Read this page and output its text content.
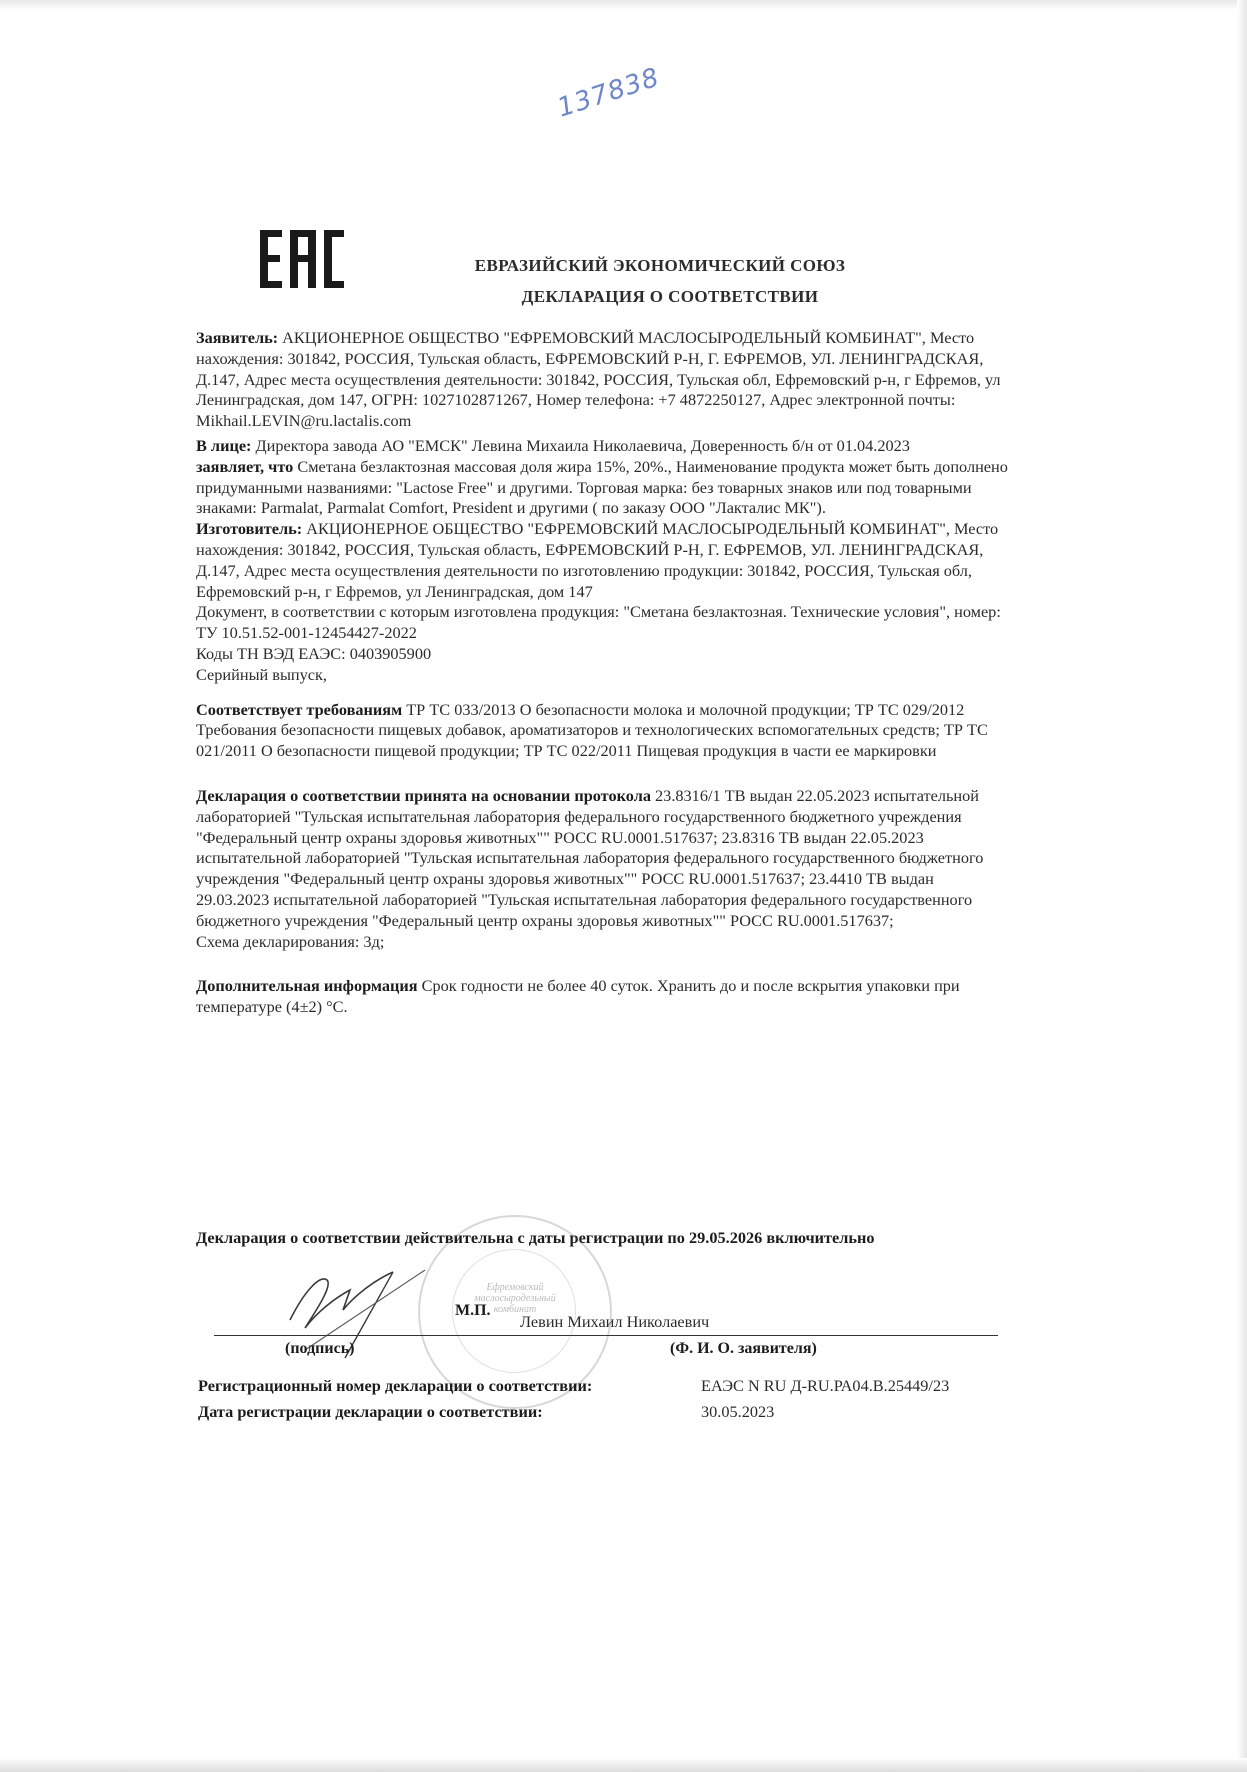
137838
ЕВРАЗИЙСКИЙ ЭКОНОМИЧЕСКИЙ СОЮЗ
ДЕКЛАРАЦИЯ О СООТВЕТСТВИИ

Заявитель: АКЦИОНЕРНОЕ ОБЩЕСТВО "ЕФРЕМОВСКИЙ МАСЛОСЫРОДЕЛЬНЫЙ КОМБИНАТ", Место нахождения: 301842, РОССИЯ, Тульская область, ЕФРЕМОВСКИЙ Р-Н, Г. ЕФРЕМОВ, УЛ. ЛЕНИНГРАДСКАЯ, Д.147, Адрес места осуществления деятельности: 301842, РОССИЯ, Тульская обл, Ефремовский р-н, г Ефремов, ул Ленинградская, дом 147, ОГРН: 1027102871267, Номер телефона: +7 4872250127, Адрес электронной почты: Mikhail.LEVIN@ru.lactalis.com

В лице: Директора завода АО "ЕМСК" Левина Михаила Николаевича, Доверенность б/н от 01.04.2023

заявляет, что Сметана безлактозная массовая доля жира 15%, 20%., Наименование продукта может быть дополнено придуманными названиями: "Lactose Free" и другими. Торговая марка: без товарных знаков или под товарными знаками: Parmalat, Parmalat Comfort, President и другими ( по заказу ООО "Лакталис МК").

Изготовитель: АКЦИОНЕРНОЕ ОБЩЕСТВО "ЕФРЕМОВСКИЙ МАСЛОСЫРОДЕЛЬНЫЙ КОМБИНАТ", Место нахождения: 301842, РОССИЯ, Тульская область, ЕФРЕМОВСКИЙ Р-Н, Г. ЕФРЕМОВ, УЛ. ЛЕНИНГРАДСКАЯ, Д.147, Адрес места осуществления деятельности по изготовлению продукции: 301842, РОССИЯ, Тульская обл, Ефремовский р-н, г Ефремов, ул Ленинградская, дом 147

Документ, в соответствии с которым изготовлена продукция: "Сметана безлактозная. Технические условия", номер: ТУ 10.51.52-001-12454427-2022

Коды ТН ВЭД ЕАЭС: 0403905900

Серийный выпуск,

Соответствует требованиям ТР ТС 033/2013 О безопасности молока и молочной продукции; ТР ТС 029/2012 Требования безопасности пищевых добавок, ароматизаторов и технологических вспомогательных средств; ТР ТС 021/2011 О безопасности пищевой продукции; ТР ТС 022/2011 Пищевая продукция в части ее маркировки

Декларация о соответствии принята на основании протокола 23.8316/1 ТВ выдан 22.05.2023 испытательной лабораторией "Тульская испытательная лаборатория федерального государственного бюджетного учреждения "Федеральный центр охраны здоровья животных"" РОСС RU.0001.517637; 23.8316 ТВ выдан 22.05.2023 испытательной лабораторией "Тульская испытательная лаборатория федерального государственного бюджетного учреждения "Федеральный центр охраны здоровья животных"" РОСС RU.0001.517637; 23.4410 ТВ выдан 29.03.2023 испытательной лабораторией "Тульская испытательная лаборатория федерального государственного бюджетного учреждения "Федеральный центр охраны здоровья животных"" РОСС RU.0001.517637;

Схема декларирования: 3д;

Дополнительная информация Срок годности не более 40 суток. Хранить до и после вскрытия упаковки при температуре (4±2) °С.

Декларация о соответствии действительна с даты регистрации по 29.05.2026 включительно
Ефремовский
маслосыродельный
комбинат
М.П.
Левин Михаил Николаевич
(подпись)	(Ф. И. О. заявителя)
Регистрационный номер декларации о соответствии:	ЕАЭС N RU Д-RU.РА04.В.25449/23
Дата регистрации декларации о соответствии:	30.05.2023
